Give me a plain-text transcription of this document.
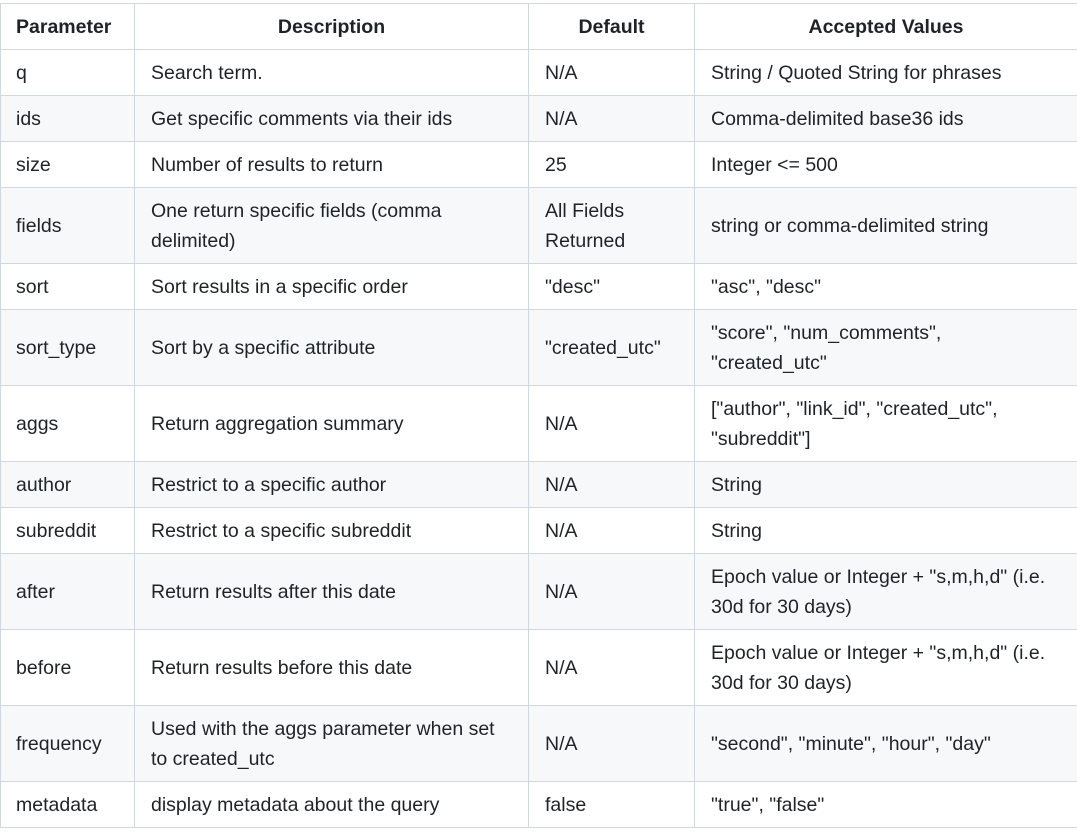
Parameter	Description	Default	Accepted Values
q	Search term.	N/A	String / Quoted String for phrases
ids	Get specific comments via their ids	N/A	Comma-delimited base36 ids
size	Number of results to return	25	Integer <= 500
fields	One return specific fields (comma delimited)	All Fields Returned	string or comma-delimited string
sort	Sort results in a specific order	"desc"	"asc", "desc"
sort_type	Sort by a specific attribute	"created_utc"	"score", "num_comments", "created_utc"
aggs	Return aggregation summary	N/A	["author", "link_id", "created_utc", "subreddit"]
author	Restrict to a specific author	N/A	String
subreddit	Restrict to a specific subreddit	N/A	String
after	Return results after this date	N/A	Epoch value or Integer + "s,m,h,d" (i.e. 30d for 30 days)
before	Return results before this date	N/A	Epoch value or Integer + "s,m,h,d" (i.e. 30d for 30 days)
frequency	Used with the aggs parameter when set to created_utc	N/A	"second", "minute", "hour", "day"
metadata	display metadata about the query	false	"true", "false"
